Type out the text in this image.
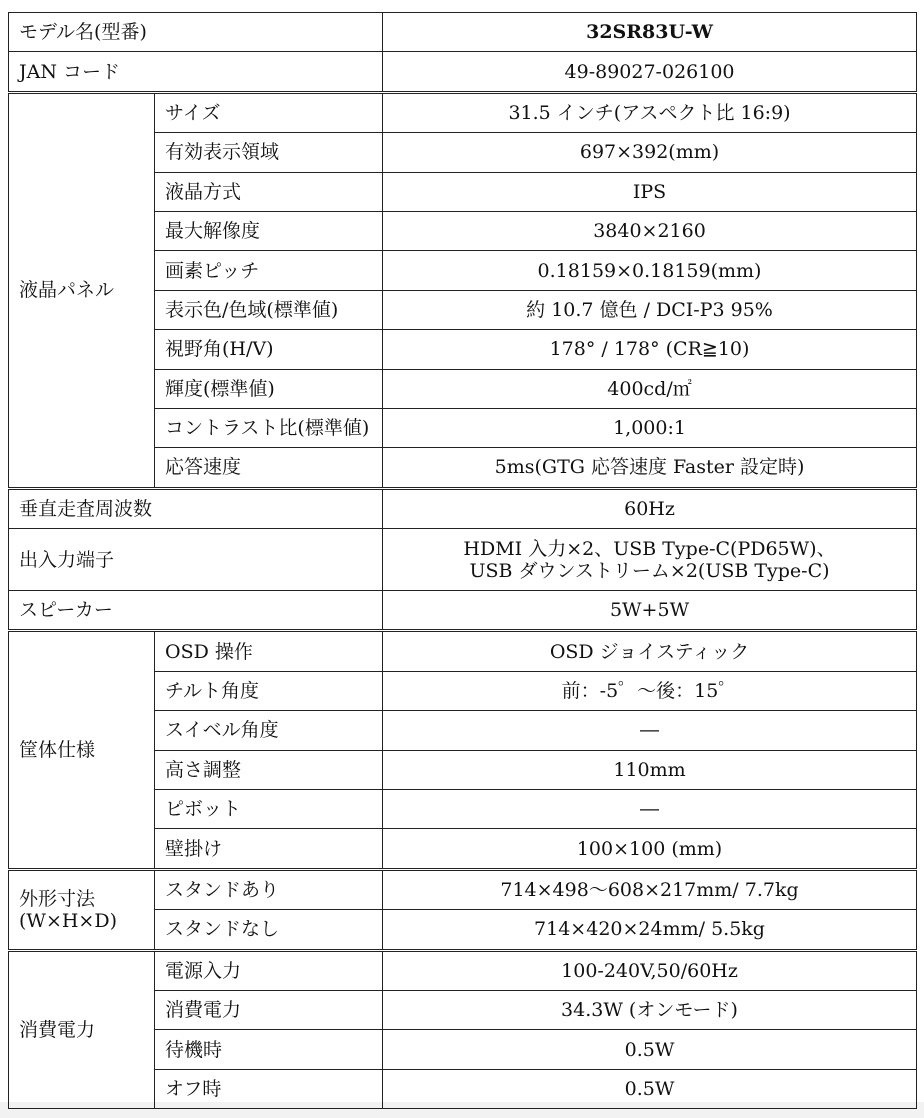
モデル名(型番)		32SR83U-W
JAN コード		49-89027-026100
液晶パネル	サイズ	31.5 インチ(アスペクト比 16:9)
	有効表示領域	697×392(mm)
	液晶方式	IPS
	最大解像度	3840×2160
	画素ピッチ	0.18159×0.18159(mm)
	表示色/色域(標準値)	約 10.7 億色 / DCI-P3 95%
	視野角(H/V)	178° / 178° (CR≧10)
	輝度(標準値)	400cd/㎡
	コントラスト比(標準値)	1,000:1
	応答速度	5ms(GTG 応答速度 Faster 設定時)
垂直走査周波数		60Hz
出入力端子		HDMI 入力×2、USB Type-C(PD65W)、
USB ダウンストリーム×2(USB Type-C)

スピーカー		5W+5W
筐体仕様	OSD 操作	OSD ジョイスティック
	チルト角度	前：-5゜～後：15゜
	スイベル角度	―
	高さ調整	110mm
	ピボット	―
	壁掛け	100×100 (mm)

外形寸法
(W×H×D)	スタンドあり	714×498～608×217mm/ 7.7kg
	スタンドなし	714×420×24mm/ 5.5kg
消費電力	電源入力	100-240V,50/60Hz
	消費電力	34.3W (オンモード)
	待機時	0.5W
	オフ時	0.5W
